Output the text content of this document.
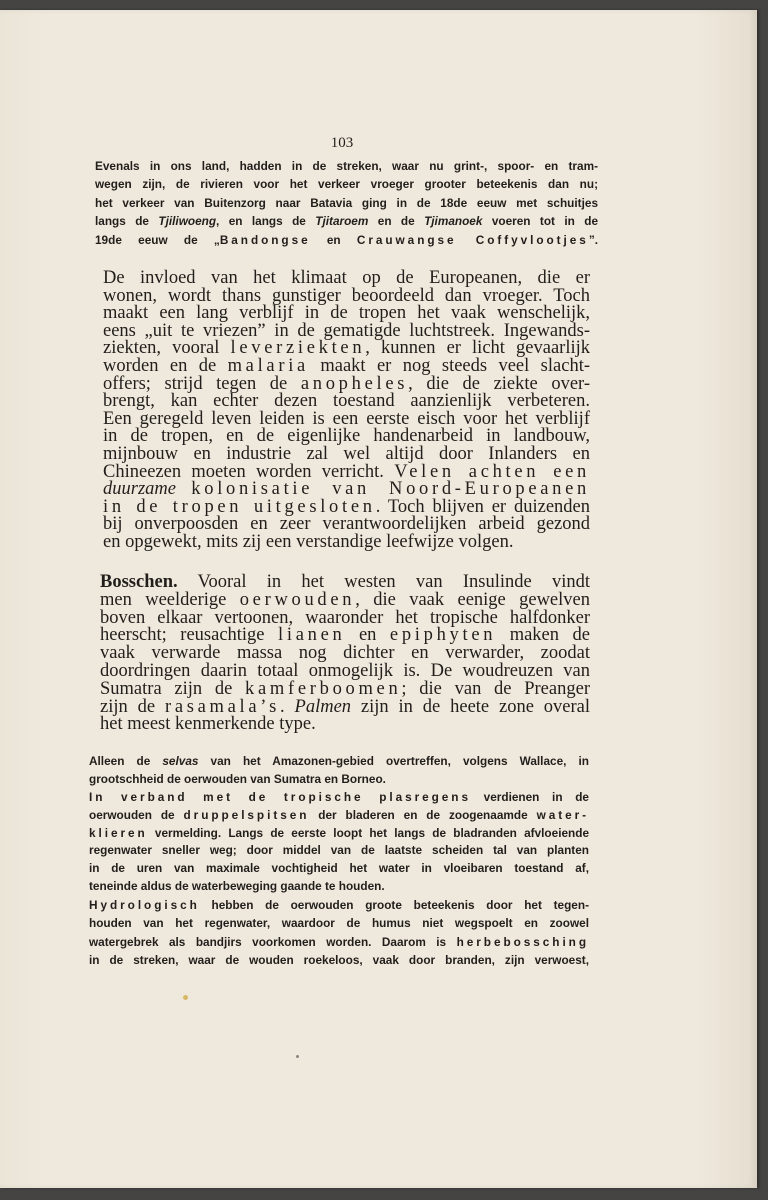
103
Evenals in ons land, hadden in de streken, waar nu grint-, spoor- en tram-
wegen zijn, de rivieren voor het verkeer vroeger grooter beteekenis dan nu;
het verkeer van Buitenzorg naar Batavia ging in de 18de eeuw met schuitjes
langs de Tjiliwoeng, en langs de Tjitaroem en de Tjimanoek voeren tot in de
19de eeuw de „Bandongse en Crauwangse Coffyvlootjes”.
De invloed van het klimaat op de Europeanen, die er
wonen, wordt thans gunstiger beoordeeld dan vroeger. Toch
maakt een lang verblijf in de tropen het vaak wenschelijk,
eens „uit te vriezen” in de gematigde luchtstreek. Ingewands-
ziekten, vooral leverziekten, kunnen er licht gevaarlijk
worden en de malaria maakt er nog steeds veel slacht-
offers; strijd tegen de anopheles, die de ziekte over-
brengt, kan echter dezen toestand aanzienlijk verbeteren.
Een geregeld leven leiden is een eerste eisch voor het verblijf
in de tropen, en de eigenlijke handenarbeid in landbouw,
mijnbouw en industrie zal wel altijd door Inlanders en
Chineezen moeten worden verricht. Velen achten een
duurzame kolonisatie van Noord-Europeanen
in de tropen uitgesloten. Toch blijven er duizenden
bij onverpoosden en zeer verantwoordelijken arbeid gezond
en opgewekt, mits zij een verstandige leefwijze volgen.
Bosschen. Vooral in het westen van Insulinde vindt
men weelderige oerwouden, die vaak eenige gewelven
boven elkaar vertoonen, waaronder het tropische halfdonker
heerscht; reusachtige lianen en epiphyten maken de
vaak verwarde massa nog dichter en verwarder, zoodat
doordringen daarin totaal onmogelijk is. De woudreuzen van
Sumatra zijn de kamferboomen; die van de Preanger
zijn de rasamala’s. Palmen zijn in de heete zone overal
het meest kenmerkende type.
Alleen de selvas van het Amazonen-gebied overtreffen, volgens Wallace, in
grootschheid de oerwouden van Sumatra en Borneo.
In verband met de tropische plasregens verdienen in de
oerwouden de druppelspitsen der bladeren en de zoogenaamde water-
klieren vermelding. Langs de eerste loopt het langs de bladranden afvloeiende
regenwater sneller weg; door middel van de laatste scheiden tal van planten
in de uren van maximale vochtigheid het water in vloeibaren toestand af,
teneinde aldus de waterbeweging gaande te houden.
Hydrologisch hebben de oerwouden groote beteekenis door het tegen-
houden van het regenwater, waardoor de humus niet wegspoelt en zoowel
watergebrek als bandjirs voorkomen worden. Daarom is herbebossching
in de streken, waar de wouden roekeloos, vaak door branden, zijn verwoest,
